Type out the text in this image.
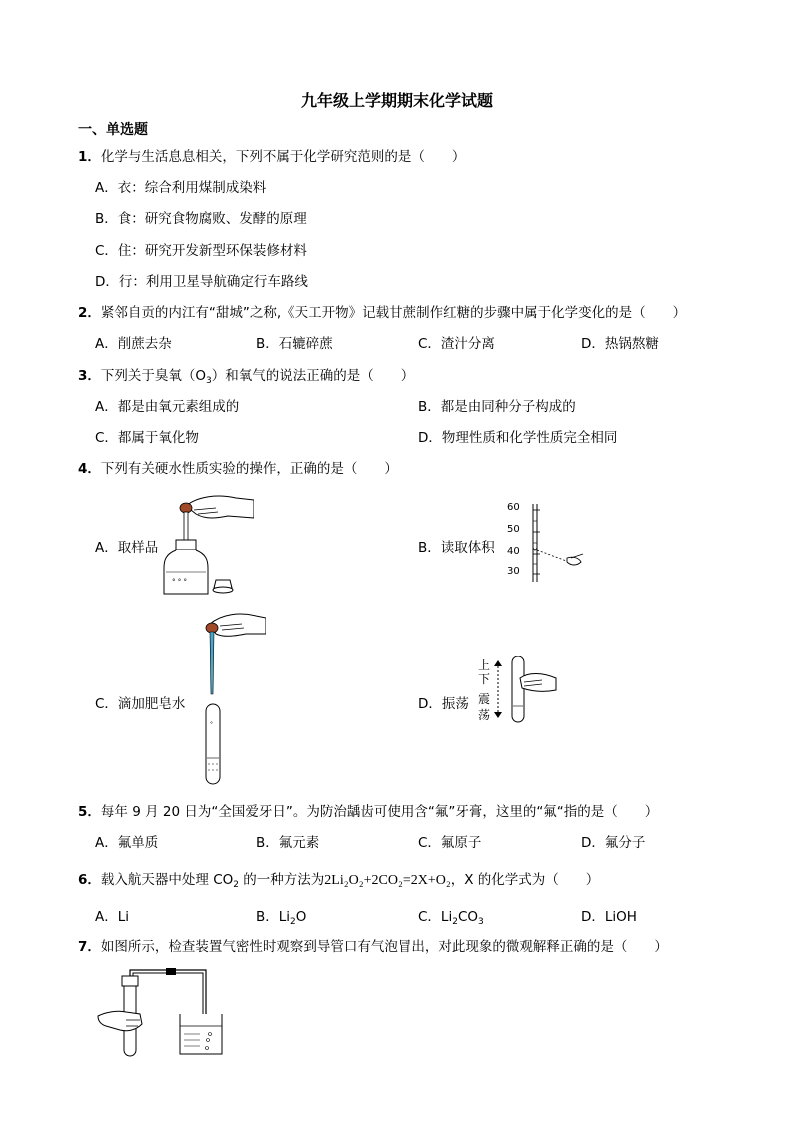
九年级上学期期末化学试题
一、单选题
1．化学与生活息息相关，下列不属于化学研究范则的是（　　）
A．衣：综合利用煤制成染料
B．食：研究食物腐败、发酵的原理
C．住：研究开发新型环保装修材料
D．行：利用卫星导航确定行车路线
2．紧邻自贡的内江有“甜城”之称,《天工开物》记载甘蔗制作红糖的步骤中属于化学变化的是（　　）
A．削蔗去杂	B．石辘碎蔗	C．渣汁分离	D．热锅熬糖
3．下列关于臭氧$(O_3)$和氧气的说法正确的是（　　）
A．都是由氧元素组成的	B．都是由同种分子构成的
C．都属于氧化物	D．物理性质和化学性质完全相同
4．下列有关硬水性质实验的操作，正确的是（　　）
A．取样品
° ° °
B．读取体积
60
50
40
30
C．滴加肥皂水
°
D．振荡
上
下
震
荡
5．每年 9 月 20 日为“全国爱牙日”。为防治龋齿可使用含“氟”牙膏，这里的“氟“指的是（　　）
A．氟单质	B．氟元素	C．氟原子	D．氟分子
6．载入航天器中处理 $CO_2$ 的一种方法为2Li₂O₂+2CO₂=2X+O₂，X 的化学式为（　　）
A．Li	B．$Li_2O$	C．$Li_2CO_3$	D．LiOH
7．如图所示，检查装置气密性时观察到导管口有气泡冒出，对此现象的微观解释正确的是（　　）
